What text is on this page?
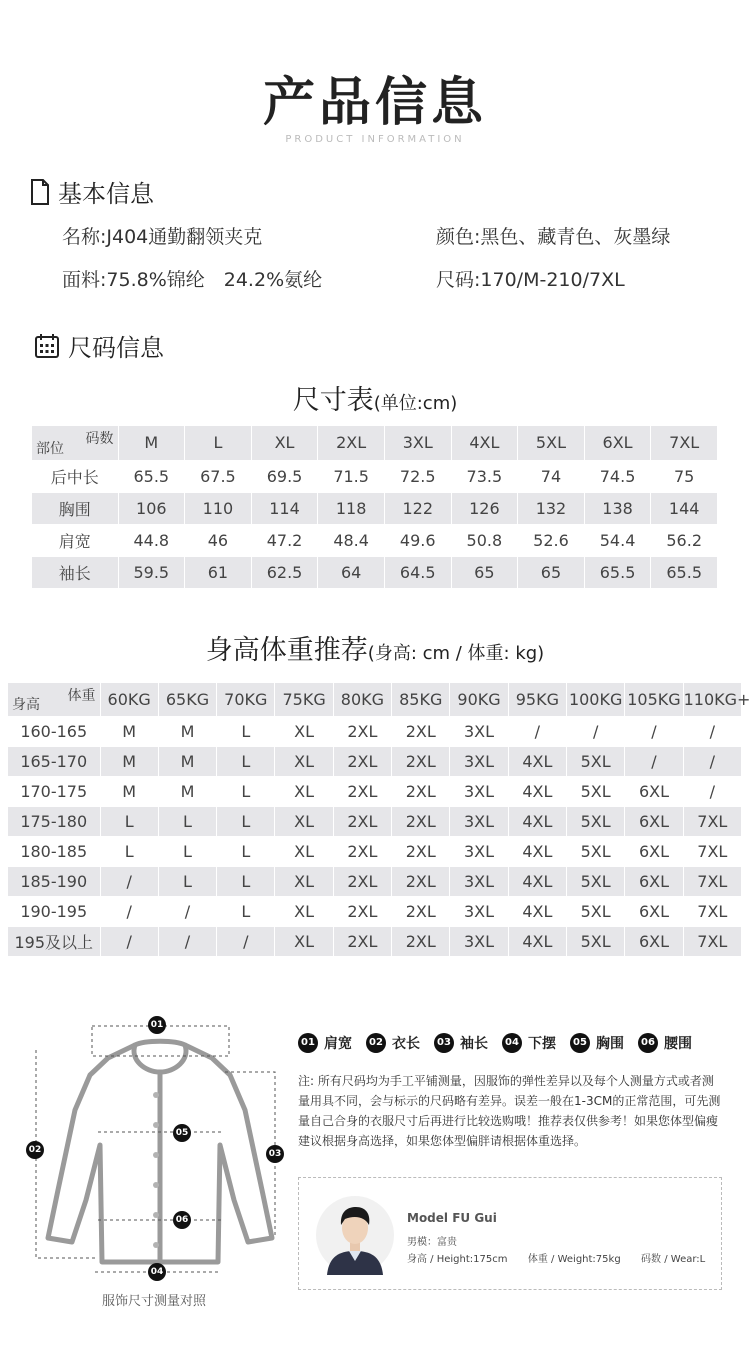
产品信息
PRODUCT INFORMATION
基本信息
名称:J404通勤翻领夹克	颜色:黑色、藏青色、灰墨绿
面料:75.8%锦纶　24.2%氨纶	尺码:170/M-210/7XL
尺码信息
尺寸表(单位:cm)
码数
部位	M	L	XL	2XL	3XL	4XL	5XL	6XL	7XL
后中长	65.5	67.5	69.5	71.5	72.5	73.5	74	74.5	75
胸围	106	110	114	118	122	126	132	138	144
肩宽	44.8	46	47.2	48.4	49.6	50.8	52.6	54.4	56.2
袖长	59.5	61	62.5	64	64.5	65	65	65.5	65.5
身高体重推荐(身高: cm / 体重: kg)
体重
身高	60KG	65KG	70KG	75KG	80KG	85KG	90KG	95KG	100KG	105KG	110KG+
160-165	M	M	L	XL	2XL	2XL	3XL	/	/	/	/
165-170	M	M	L	XL	2XL	2XL	3XL	4XL	5XL	/	/
170-175	M	M	L	XL	2XL	2XL	3XL	4XL	5XL	6XL	/
175-180	L	L	L	XL	2XL	2XL	3XL	4XL	5XL	6XL	7XL
180-185	L	L	L	XL	2XL	2XL	3XL	4XL	5XL	6XL	7XL
185-190	/	L	L	XL	2XL	2XL	3XL	4XL	5XL	6XL	7XL
190-195	/	/	L	XL	2XL	2XL	3XL	4XL	5XL	6XL	7XL
195及以上	/	/	/	XL	2XL	2XL	3XL	4XL	5XL	6XL	7XL
01
02	03
04
05
06
服饰尺寸测量对照
01 肩宽	02 衣长	03 袖长	04 下摆	05 胸围	06 腰围
注: 所有尺码均为手工平铺测量，因服饰的弹性差异以及每个人测量方式或者测量用具不同，会与标示的尺码略有差异。误差一般在1-3CM的正常范围，可先测量自己合身的衣服尺寸后再进行比较选购哦！推荐表仅供参考！如果您体型偏瘦建议根据身高选择，如果您体型偏胖请根据体重选择。
Model FU Gui
男模：富贵
身高 / Height:175cm 体重 / Weight:75kg 码数 / Wear:L
